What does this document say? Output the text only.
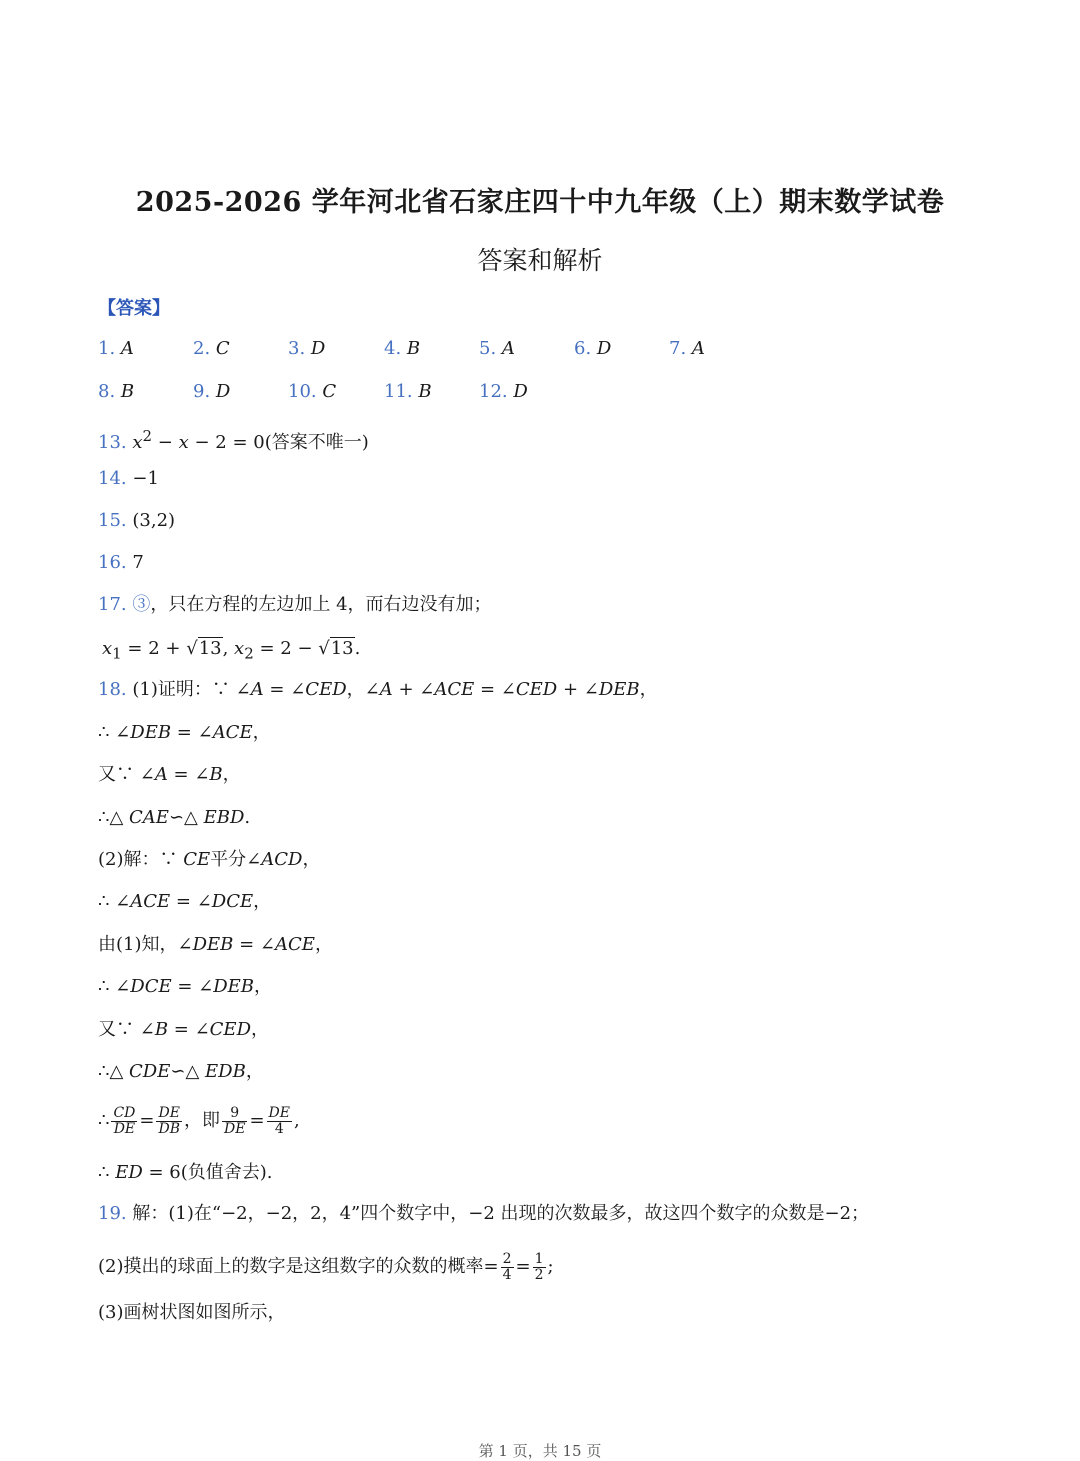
2025-2026 学年河北省石家庄四十中九年级（上）期末数学试卷
答案和解析
【答案】
1. A	2. C	3. D	4. B	5. A	6. D	7. A
8. B	9. D	10. C	11. B	12. D
13. $x^2 - x - 2 = 0$(答案不唯一)
14. −1
15. (3,2)
16. 7
17. ③，只在方程的左边加上 4，而右边没有加；
$x_1 = 2 + √13$, $x_2 = 2 - √13$.
18. (1)证明：∵ ∠A = ∠CED，∠A + ∠ACE = ∠CED + ∠DEB，
∴ ∠DEB = ∠ACE，
又∵ ∠A = ∠B，
∴△ CAE∽△ EBD.
(2)解：∵ CE平分∠ACD，
∴ ∠ACE = ∠DCE，
由(1)知，∠DEB = ∠ACE，
∴ ∠DCE = ∠DEB，
又∵ ∠B = ∠CED，
∴△ CDE∽△ EDB，
∴ $\frac{CD}{DE} = \frac{DE}{DB}$ ，即 $\frac{9}{DE} = \frac{DE}{4}$ ,
∴ ED = 6(负值舍去).
19. 解：(1)在“−2，−2，2，4”四个数字中，−2 出现的次数最多，故这四个数字的众数是−2；
(2)摸出的球面上的数字是这组数字的众数的概率= $\frac{2}{4} = \frac{1}{2}$ ;
(3)画树状图如图所示，
第 1 页，共 15 页
